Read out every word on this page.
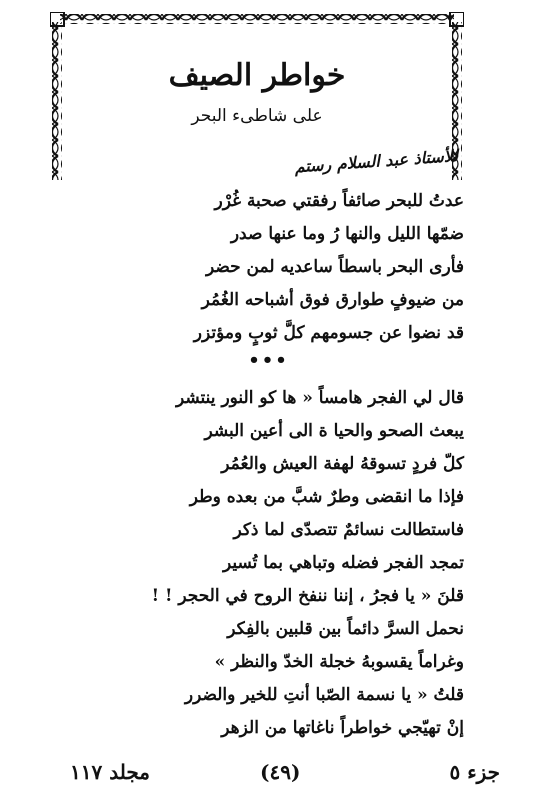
خواطر الصيف
على شاطىء البحر
للأستاذ عبد السلام رستم
عدتُ للبحر صائفاً رفقتي صحبة غُرْر
ضمّها الليل والنها رُ وما عنها صدر
فأرى البحر باسطاً ساعديه لمن حضر
من ضيوفٍ طوارق فوق أشباحه الغُمُر
قد نضوا عن جسومهم كلَّ ثوبٍ ومؤتزر
•••
قال لي الفجر هامساً « ها كو النور ينتشر
يبعث الصحو والحيا ة الى أعين البشر
كلّ فردٍ تسوقهُ لهفة العيش والعُمُر
فإذا ما انقضى وطرٌ شبَّ من بعده وطر
فاستطالت نسائمٌ تتصدّى لما ذكر
تمجد الفجر فضله وتباهي بما تُسير
قلنَ « يا فجرُ ، إننا ننفخ الروح في الحجر ! !
نحمل السرَّ دائماً بين قلبين بالفِكر
وغراماً يقسوبهُ خجلة الخدّ والنظر »
قلتُ « يا نسمة الصّبا أنتِ للخير والضرر
إنْ تهيّجي خواطراً ناغاتها من الزهر
جزء ٥
(٤٩)
مجلد ١١٧
